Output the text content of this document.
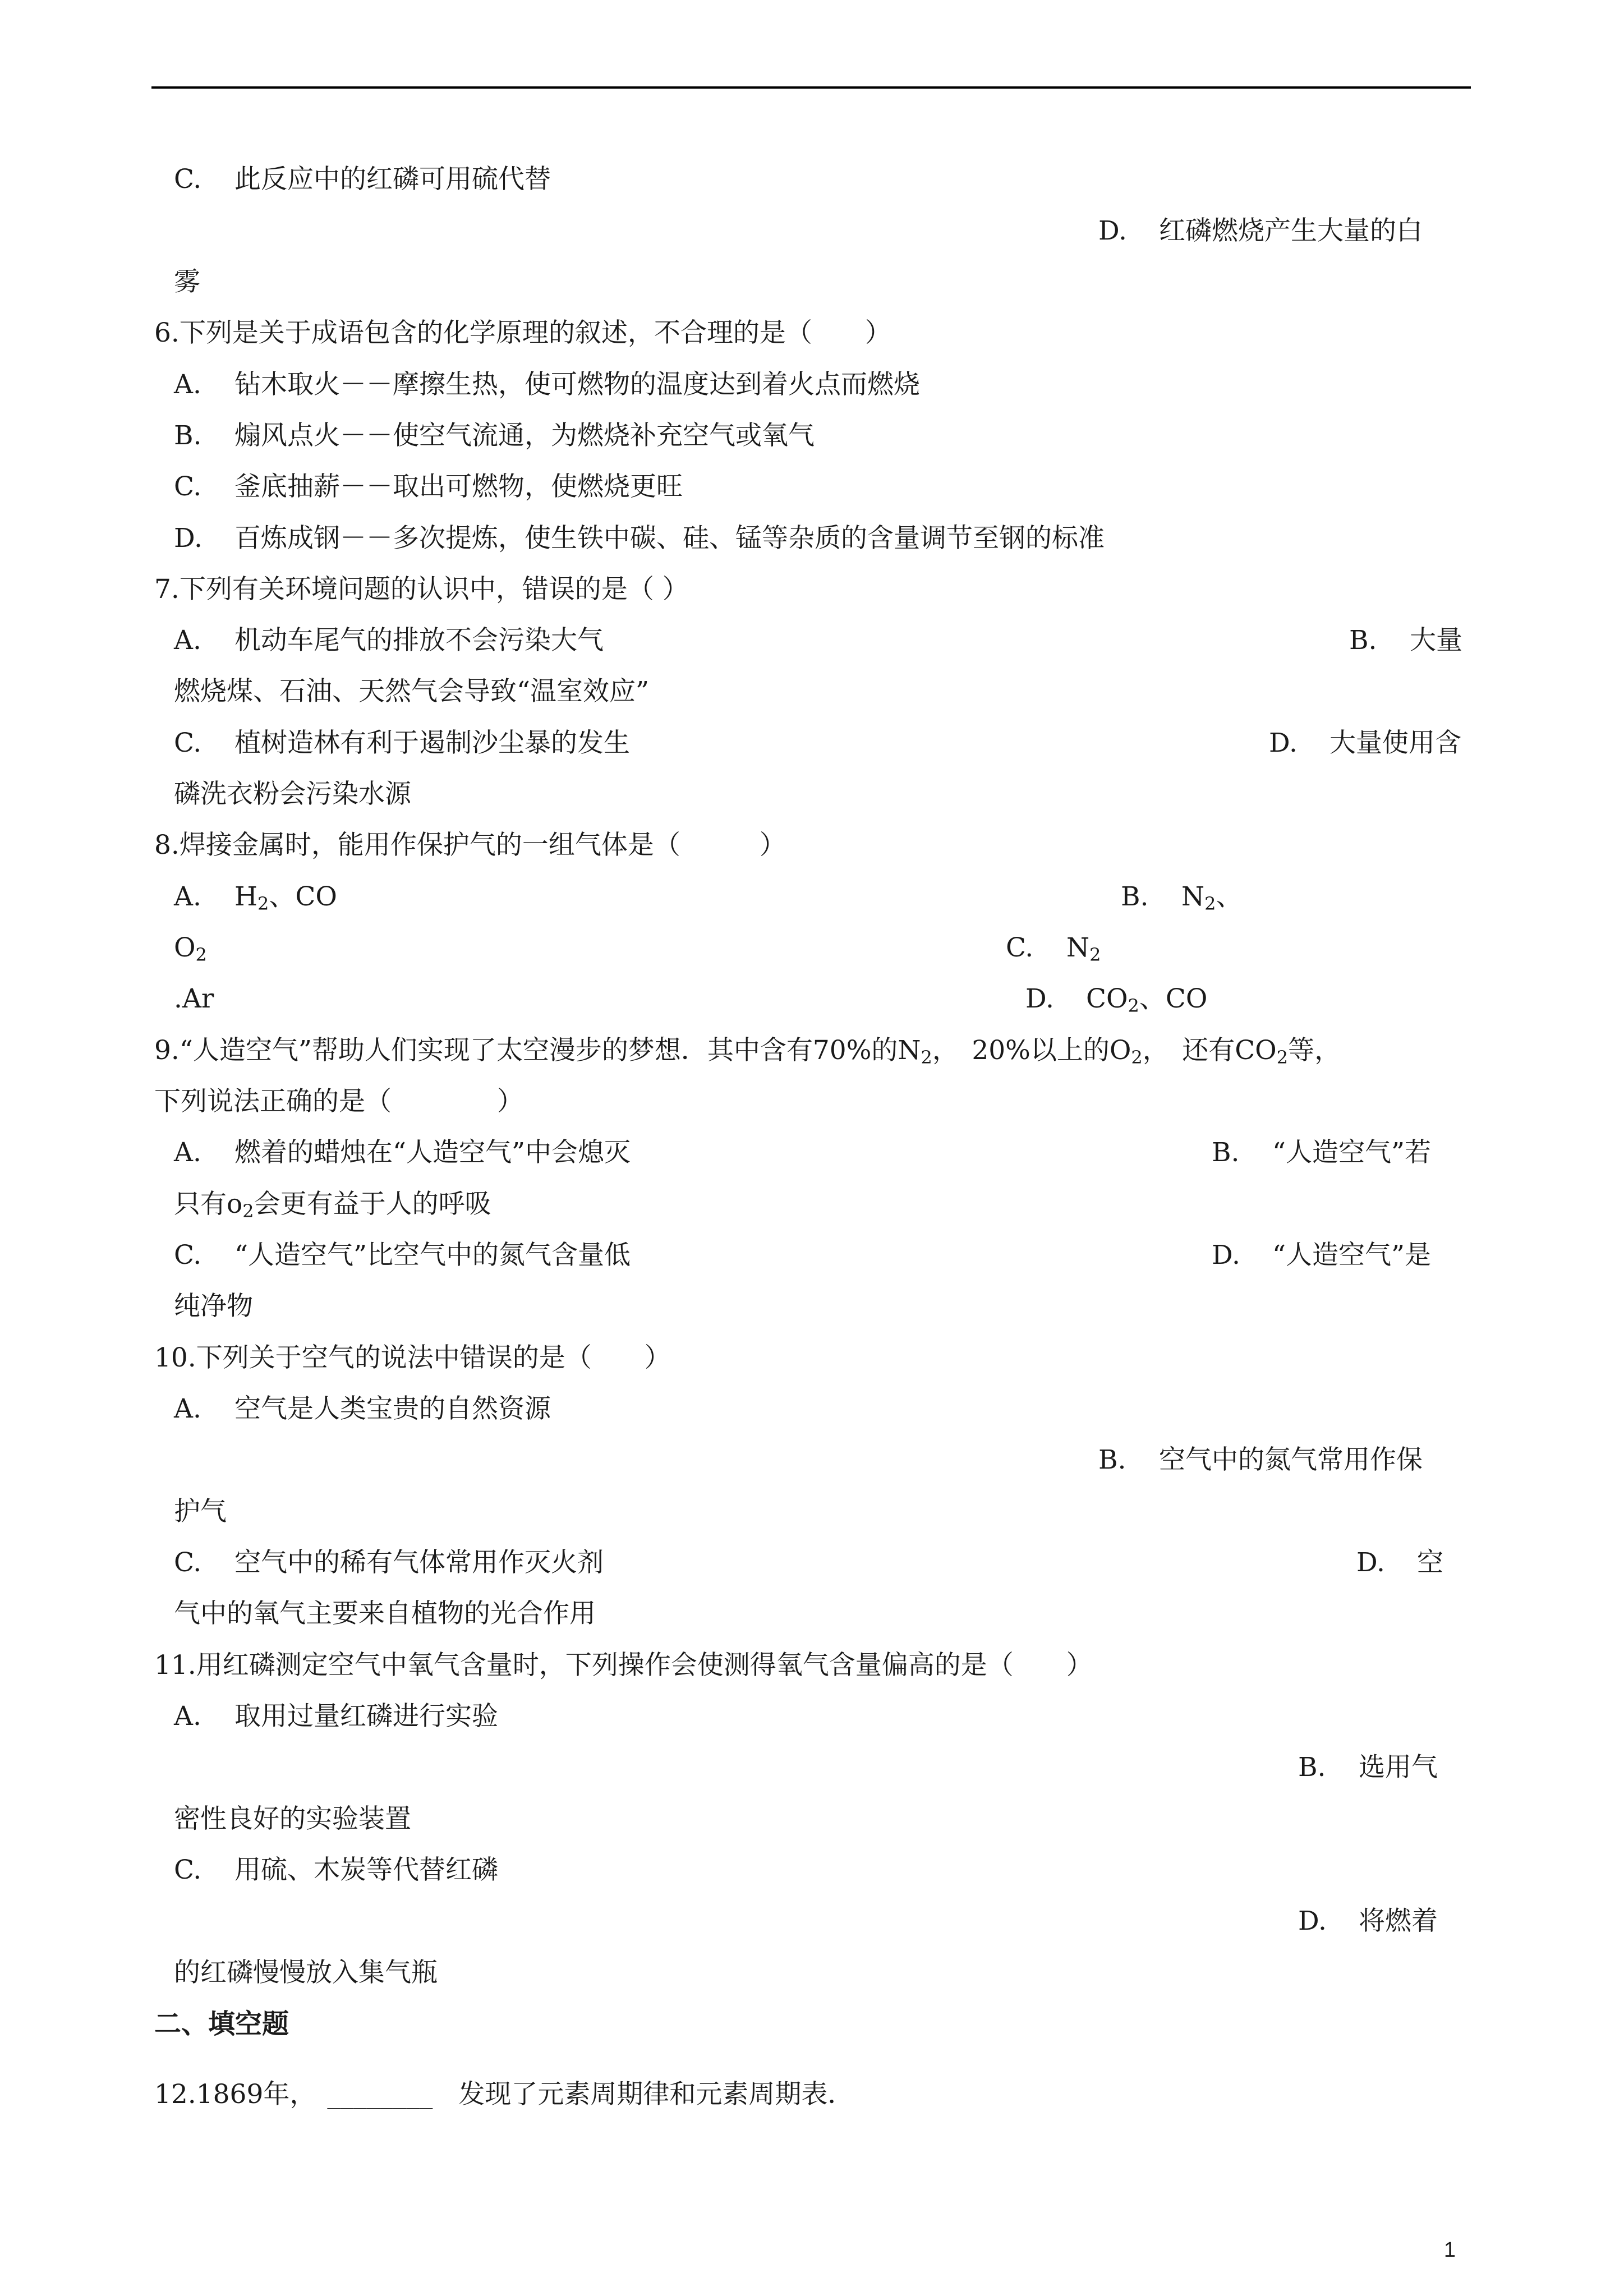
C. 此反应中的红磷可用硫代替
D. 红磷燃烧产生大量的白
雾
6.下列是关于成语包含的化学原理的叙述，不合理的是（　　）
A. 钻木取火－－摩擦生热，使可燃物的温度达到着火点而燃烧
B. 煽风点火－－使空气流通，为燃烧补充空气或氧气
C. 釜底抽薪－－取出可燃物，使燃烧更旺
D. 百炼成钢－－多次提炼，使生铁中碳、硅、锰等杂质的含量调节至钢的标准
7.下列有关环境问题的认识中，错误的是（ ）
A. 机动车尾气的排放不会污染大气	B. 大量
燃烧煤、石油、天然气会导致“温室效应”
C. 植树造林有利于遏制沙尘暴的发生	D. 大量使用含
磷洗衣粉会污染水源
8.焊接金属时，能用作保护气的一组气体是（　　　）
A. $H_2$、CO	B. $N_2$、
$O_2$	C. $N_2$
.Ar	D. $CO_2$、CO
9.“人造空气”帮助人们实现了太空漫步的梦想．其中含有70%的$N_2$，　20%以上的$O_2$，　还有$CO_2$等，
下列说法正确的是（　　　　）
A. 燃着的蜡烛在“人造空气”中会熄灭	B. “人造空气”若
只有$o_2$会更有益于人的呼吸
C. “人造空气”比空气中的氮气含量低	D. “人造空气”是
纯净物
10.下列关于空气的说法中错误的是（　　）
A. 空气是人类宝贵的自然资源
B. 空气中的氮气常用作保
护气
C. 空气中的稀有气体常用作灭火剂	D. 空
气中的氧气主要来自植物的光合作用
11.用红磷测定空气中氧气含量时，下列操作会使测得氧气含量偏高的是（　　）
A. 取用过量红磷进行实验
B. 选用气
密性良好的实验装置
C. 用硫、木炭等代替红磷
D. 将燃着
的红磷慢慢放入集气瓶
二、填空题
12.1869年， ________ 发现了元素周期律和元素周期表．
1
